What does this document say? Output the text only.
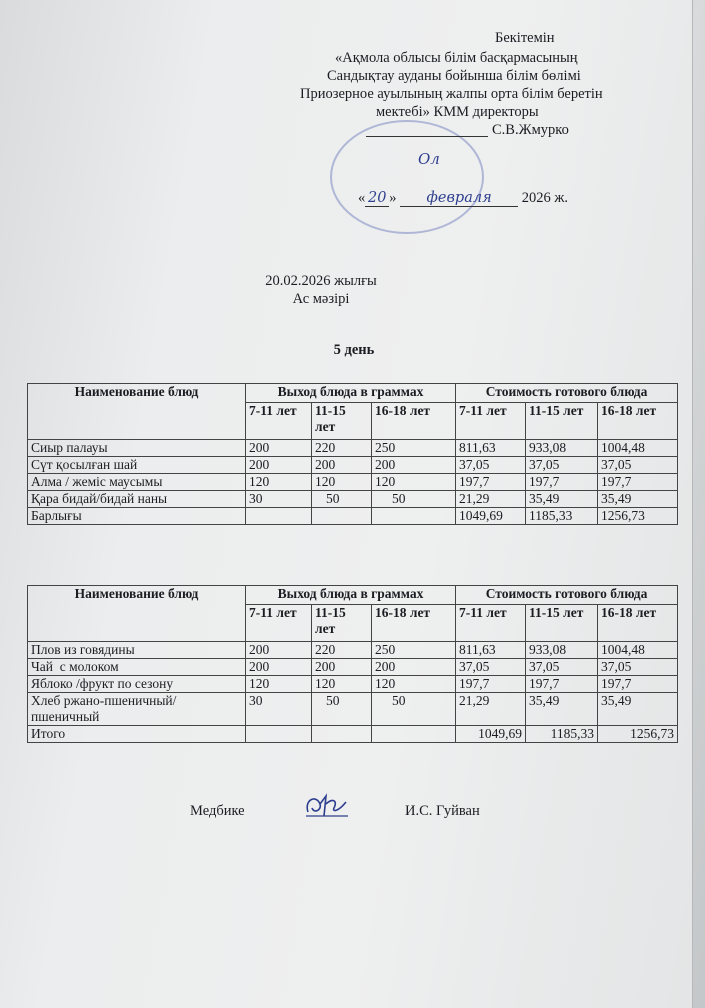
Бекітемін
«Ақмола облысы білім басқармасының
Сандықтау ауданы бойынша білім бөлімі
Приозерное ауылының жалпы орта білім беретін
мектебі» КММ директоры
С.В.Жмурко
Ол
« 20 » февраля 2026 ж.
20.02.2026 жылғы
Ас мәзірі
5 день
Наименование блюд	Выход блюда в граммах			Стоимость готового блюда		
	7-11 лет	11-15 лет	16-18 лет	7-11 лет	11-15 лет	16-18 лет
Сиыр палауы	200	220	250	811,63	933,08	1004,48
Сүт қосылған шай	200	200	200	37,05	37,05	37,05
Алма / жеміс маусымы	120	120	120	197,7	197,7	197,7
Қара бидай/бидай наны	30	50	50	21,29	35,49	35,49
Барлығы				1049,69	1185,33	1256,73
Наименование блюд	Выход блюда в граммах			Стоимость готового блюда		
	7-11 лет	11-15 лет	16-18 лет	7-11 лет	11-15 лет	16-18 лет
Плов из говядины	200	220	250	811,63	933,08	1004,48
Чай  с молоком	200	200	200	37,05	37,05	37,05
Яблоко /фрукт по сезону	120	120	120	197,7	197,7	197,7
Хлеб ржано-пшеничный/пшеничный	30	50	50	21,29	35,49	35,49
Итого				1049,69	1185,33	1256,73
Медбике	И.С. Гуйван
